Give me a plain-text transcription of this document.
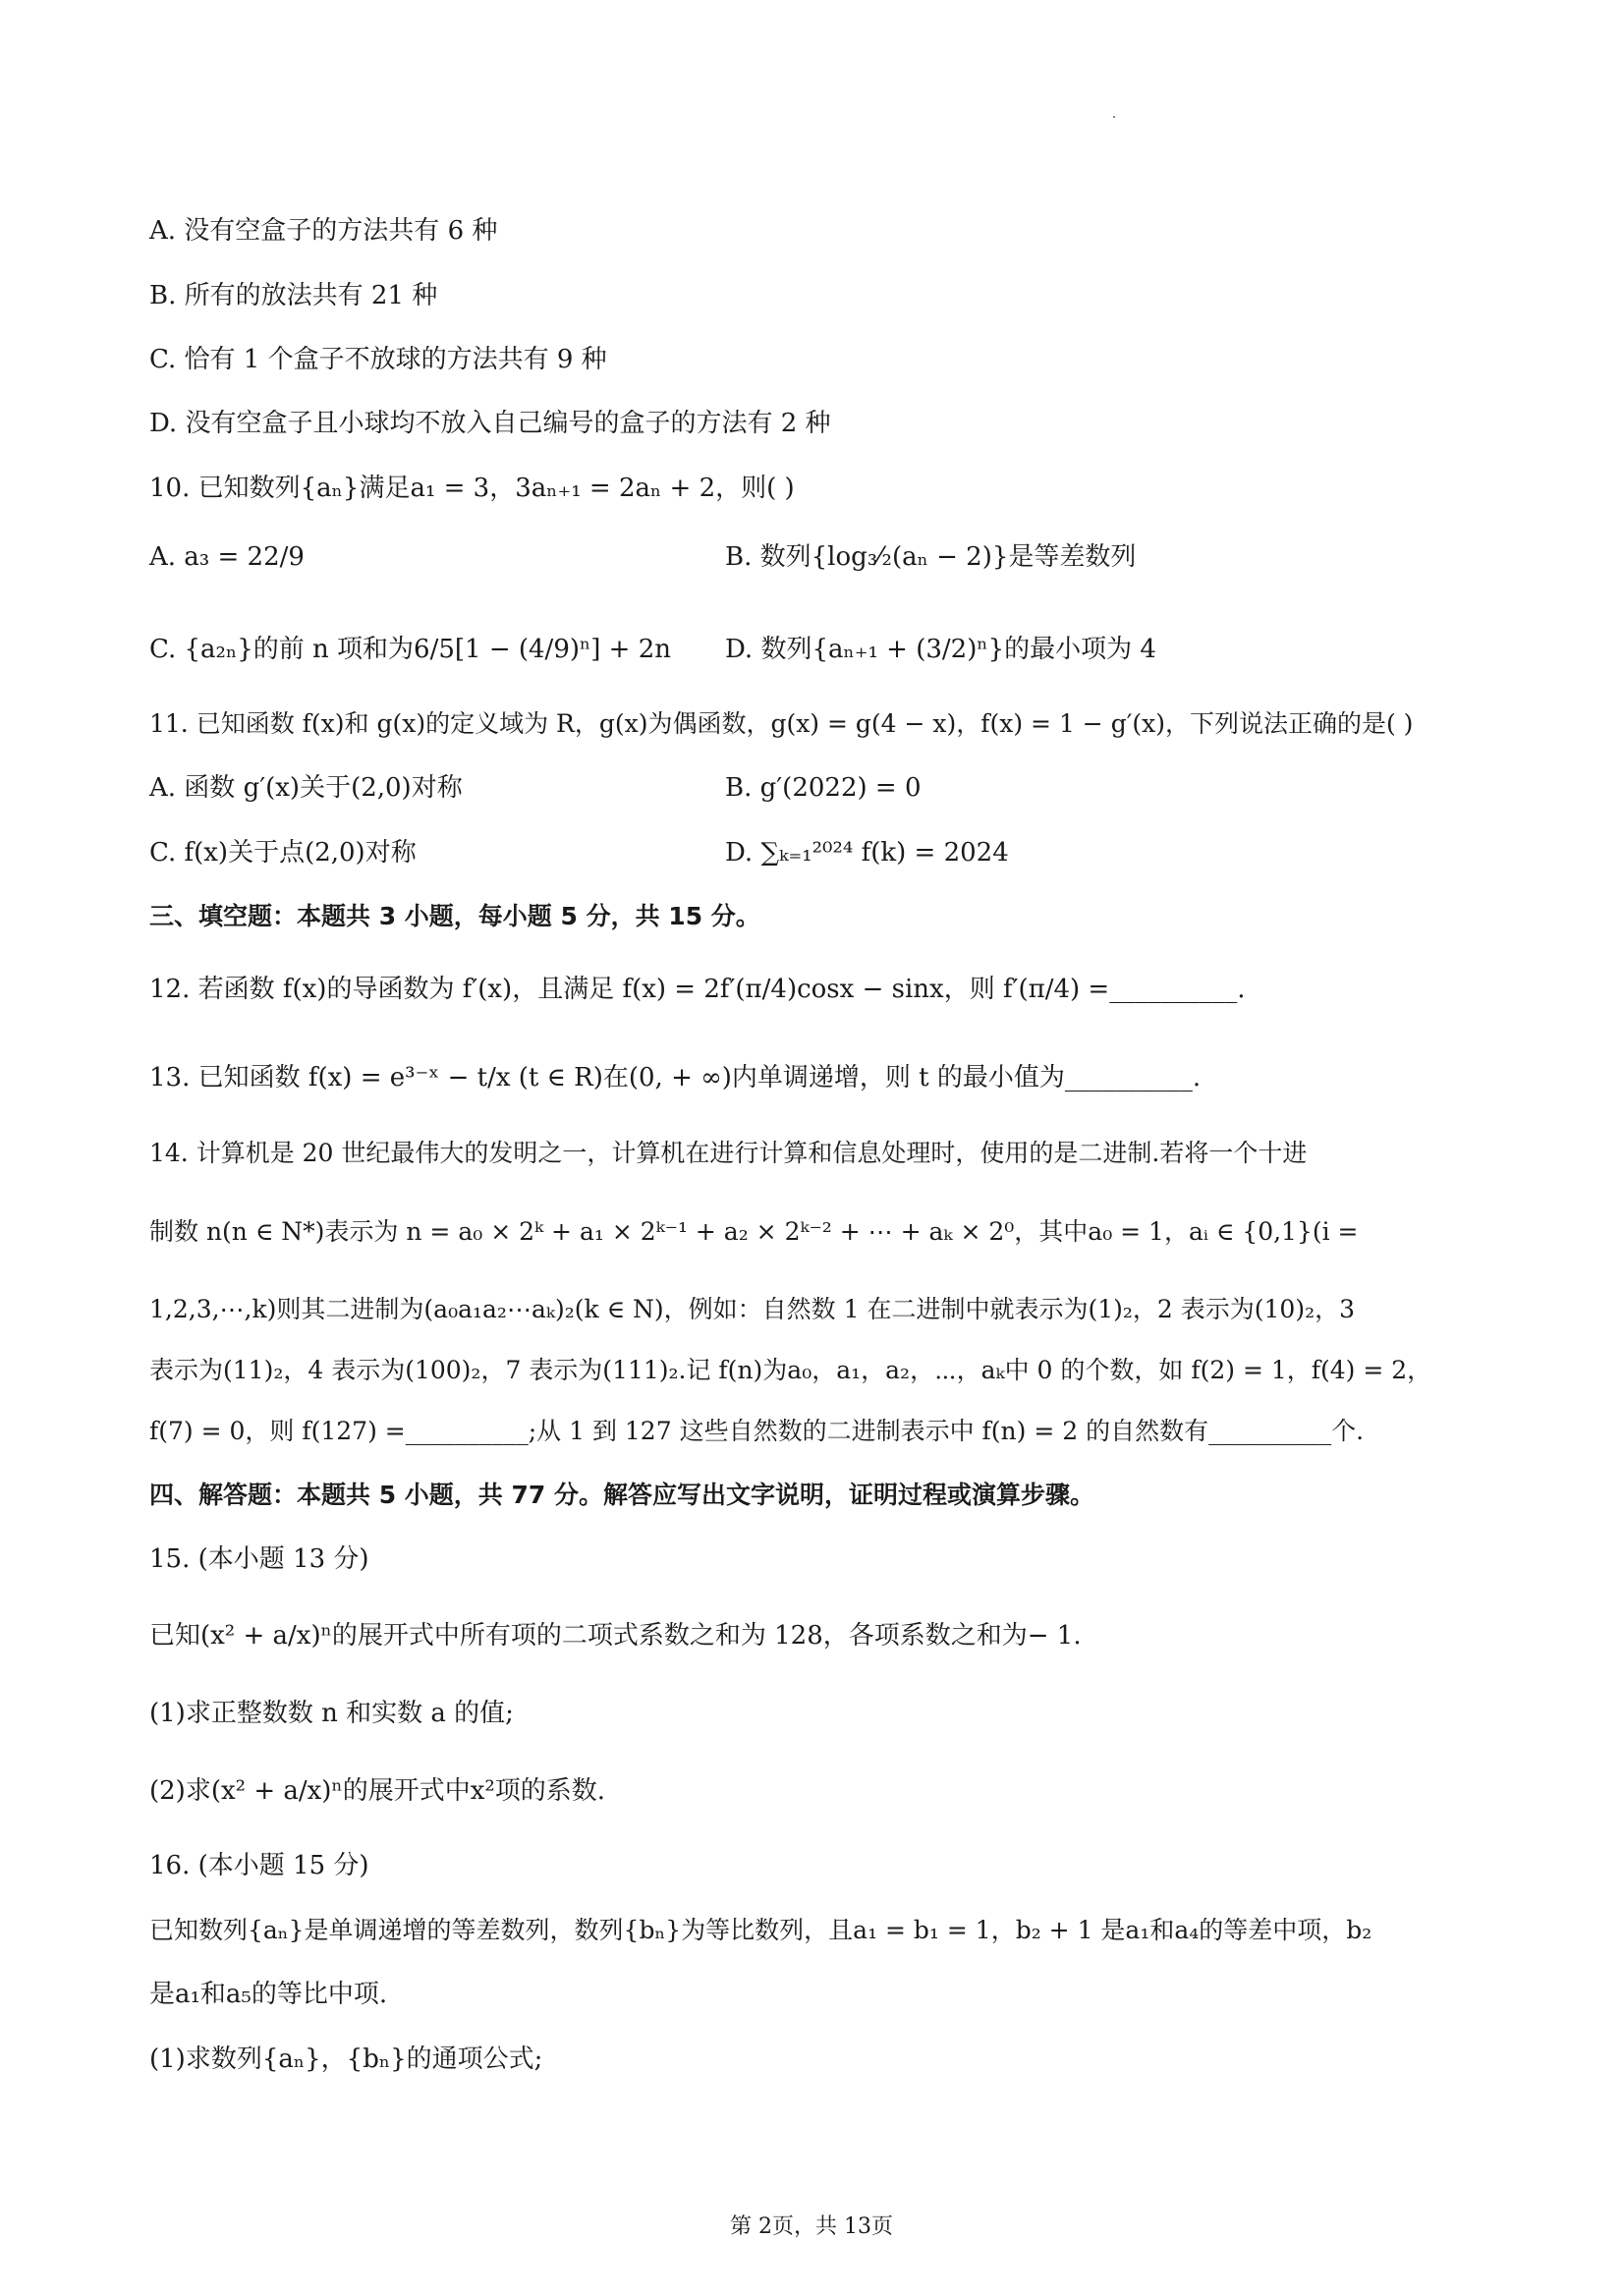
A. 没有空盒子的方法共有 6 种
B. 所有的放法共有 21 种
C. 恰有 1 个盒子不放球的方法共有 9 种
D. 没有空盒子且小球均不放入自己编号的盒子的方法有 2 种
10. 已知数列{aₙ}满足a₁ = 3，3aₙ₊₁ = 2aₙ + 2，则( )
A. a₃ = 22/9	B. 数列{log₃⁄₂(aₙ − 2)}是等差数列
C. {a₂ₙ}的前 n 项和为6/5[1 − (4/9)ⁿ] + 2n D. 数列{aₙ₊₁ + (3/2)ⁿ}的最小项为 4
11. 已知函数 f(x)和 g(x)的定义域为 R，g(x)为偶函数，g(x) = g(4 − x)，f(x) = 1 − g′(x)，下列说法正确的是( )
A. 函数 g′(x)关于(2,0)对称	B. g′(2022) = 0
C. f(x)关于点(2,0)对称	D. ∑ₖ₌₁²⁰²⁴ f(k) = 2024
三、填空题：本题共 3 小题，每小题 5 分，共 15 分。
12. 若函数 f(x)的导函数为 f′(x)，且满足 f(x) = 2f′(π/4)cosx − sinx，则 f′(π/4) =__________.
13. 已知函数 f(x) = e³⁻ˣ − t/x (t ∈ R)在(0, + ∞)内单调递增，则 t 的最小值为__________.
14. 计算机是 20 世纪最伟大的发明之一，计算机在进行计算和信息处理时，使用的是二进制.若将一个十进
制数 n(n ∈ N*)表示为 n = a₀ × 2ᵏ + a₁ × 2ᵏ⁻¹ + a₂ × 2ᵏ⁻² + ⋯ + aₖ × 2⁰，其中a₀ = 1，aᵢ ∈ {0,1}(i =
1,2,3,⋯,k)则其二进制为(a₀a₁a₂⋯aₖ)₂(k ∈ N)，例如：自然数 1 在二进制中就表示为(1)₂，2 表示为(10)₂，3
表示为(11)₂，4 表示为(100)₂，7 表示为(111)₂.记 f(n)为a₀，a₁，a₂，⋯，aₖ中 0 的个数，如 f(2) = 1，f(4) = 2，
f(7) = 0，则 f(127) =__________;从 1 到 127 这些自然数的二进制表示中 f(n) = 2 的自然数有__________个.
四、解答题：本题共 5 小题，共 77 分。解答应写出文字说明，证明过程或演算步骤。
15. (本小题 13 分)
已知(x² + a/x)ⁿ的展开式中所有项的二项式系数之和为 128，各项系数之和为− 1.
(1)求正整数数 n 和实数 a 的值;
(2)求(x² + a/x)ⁿ的展开式中x²项的系数.
16. (本小题 15 分)
已知数列{aₙ}是单调递增的等差数列，数列{bₙ}为等比数列，且a₁ = b₁ = 1，b₂ + 1 是a₁和a₄的等差中项，b₂
是a₁和a₅的等比中项.
(1)求数列{aₙ}，{bₙ}的通项公式;
第 2页，共 13页
